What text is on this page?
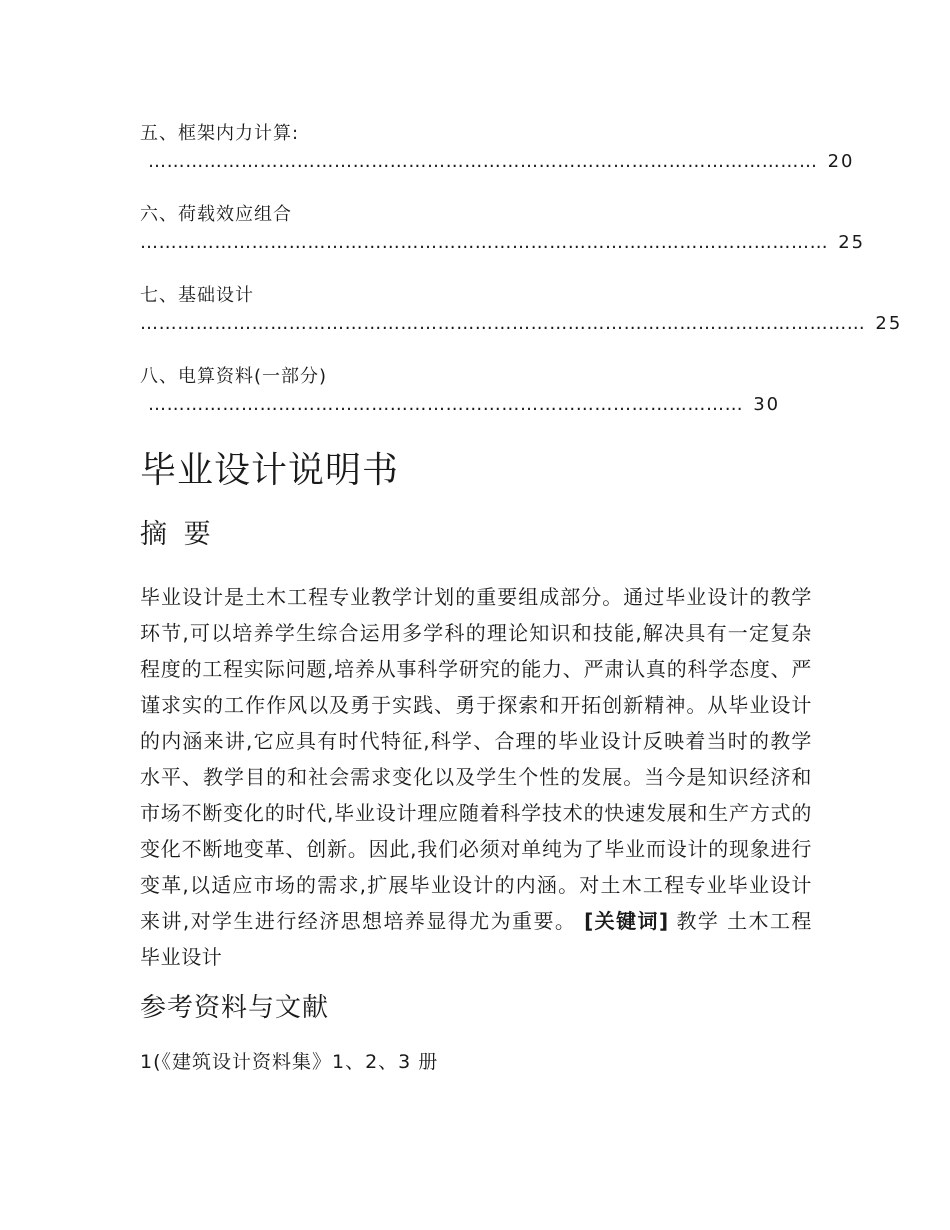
五、框架内力计算:
……………………………………………………………………………………………… 20
六、荷载效应组合
………………………………………………………………………………………………… 25
七、基础设计
……………………………………………………………………………………………………… 25
八、电算资料(一部分)
…………………………………………………………………………………… 30
毕业设计说明书
摘 要

毕业设计是土木工程专业教学计划的重要组成部分。通过毕业设计的教学环节,可以培养学生综合运用多学科的理论知识和技能,解决具有一定复杂程度的工程实际问题,培养从事科学研究的能力、严肃认真的科学态度、严谨求实的工作作风以及勇于实践、勇于探索和开拓创新精神。从毕业设计的内涵来讲,它应具有时代特征,科学、合理的毕业设计反映着当时的教学水平、教学目的和社会需求变化以及学生个性的发展。当今是知识经济和市场不断变化的时代,毕业设计理应随着科学技术的快速发展和生产方式的变化不断地变革、创新。因此,我们必须对单纯为了毕业而设计的现象进行变革,以适应市场的需求,扩展毕业设计的内涵。对土木工程专业毕业设计来讲,对学生进行经济思想培养显得尤为重要。 [关键词] 教学 土木工程 毕业设计

参考资料与文献
1(《建筑设计资料集》1、2、3 册
